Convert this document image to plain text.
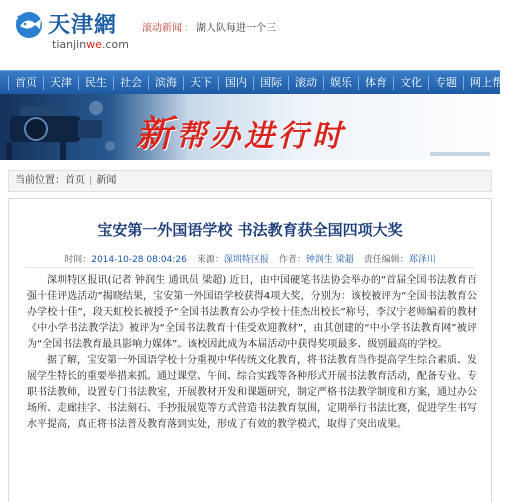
天津網
tianjinwe.com
滚动新闻 ： 湖人队每进一个三
首页	天津	民生	社会	滨海	天下	国内	国际	滚动	娱乐	体育	文化	专题	网上帮办
新帮办进行时
当前位置：首页 | 新闻
宝安第一外国语学校 书法教育获全国四项大奖
时间：2014-10-28 08:04:26 来源：深圳特区报 作者：钟润生 梁超 责任编辑：郑泽川

深圳特区报讯(记者 钟润生 通讯员 梁超) 近日，由中国硬笔书法协会举办的“首届全国书法教育百强十佳评选活动”揭晓结果，宝安第一外国语学校获得4项大奖，分别为：该校被评为“全国书法教育公办学校十佳”，段天虹校长被授予“全国书法教育公办学校十佳杰出校长”称号，李汉宁老师编着的教材《中小学书法教学法》被评为“全国书法教育十佳受欢迎教材”，由其创建的“中小学书法教育网”被评为“全国书法教育最具影响力媒体”。该校因此成为本届活动中获得奖项最多、级别最高的学校。

据了解，宝安第一外国语学校十分重视中华传统文化教育，将书法教育当作提高学生综合素质、发展学生特长的重要举措来抓。通过课堂、午间、综合实践等各种形式开展书法教育活动，配备专业、专职书法教师，设置专门书法教室，开展教材开发和课题研究，制定严格书法教学制度和方案，通过办公场所、走廊挂字、书法刻石、手抄报展览等方式营造书法教育氛围，定期举行书法比赛，促进学生书写水平提高，真正将书法普及教育落到实处，形成了有效的教学模式，取得了突出成果。
